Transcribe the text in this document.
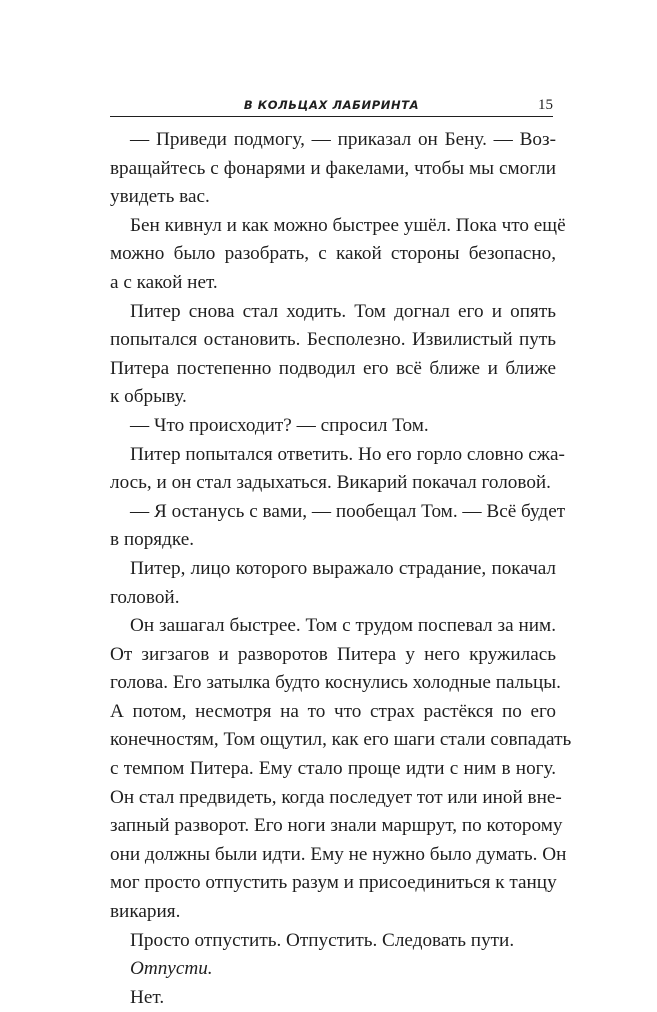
В КОЛЬЦАХ ЛАБИРИНТА	15
— Приведи подмогу, — приказал он Бену. — Воз-
вращайтесь с фонарями и факелами, чтобы мы смогли
увидеть вас.
Бен кивнул и как можно быстрее ушёл. Пока что ещё
можно было разобрать, с какой стороны безопасно,
а с какой нет.
Питер снова стал ходить. Том догнал его и опять
попытался остановить. Бесполезно. Извилистый путь
Питера постепенно подводил его всё ближе и ближе
к обрыву.
— Что происходит? — спросил Том.
Питер попытался ответить. Но его горло словно сжа-
лось, и он стал задыхаться. Викарий покачал головой.
— Я останусь с вами, — пообещал Том. — Всё будет
в порядке.
Питер, лицо которого выражало страдание, покачал
головой.
Он зашагал быстрее. Том с трудом поспевал за ним.
От зигзагов и разворотов Питера у него кружилась
голова. Его затылка будто коснулись холодные пальцы.
А потом, несмотря на то что страх растёкся по его
конечностям, Том ощутил, как его шаги стали совпадать
с темпом Питера. Ему стало проще идти с ним в ногу.
Он стал предвидеть, когда последует тот или иной вне-
запный разворот. Его ноги знали маршрут, по которому
они должны были идти. Ему не нужно было думать. Он
мог просто отпустить разум и присоединиться к танцу
викария.
Просто отпустить. Отпустить. Следовать пути.
Отпусти.
Нет.
